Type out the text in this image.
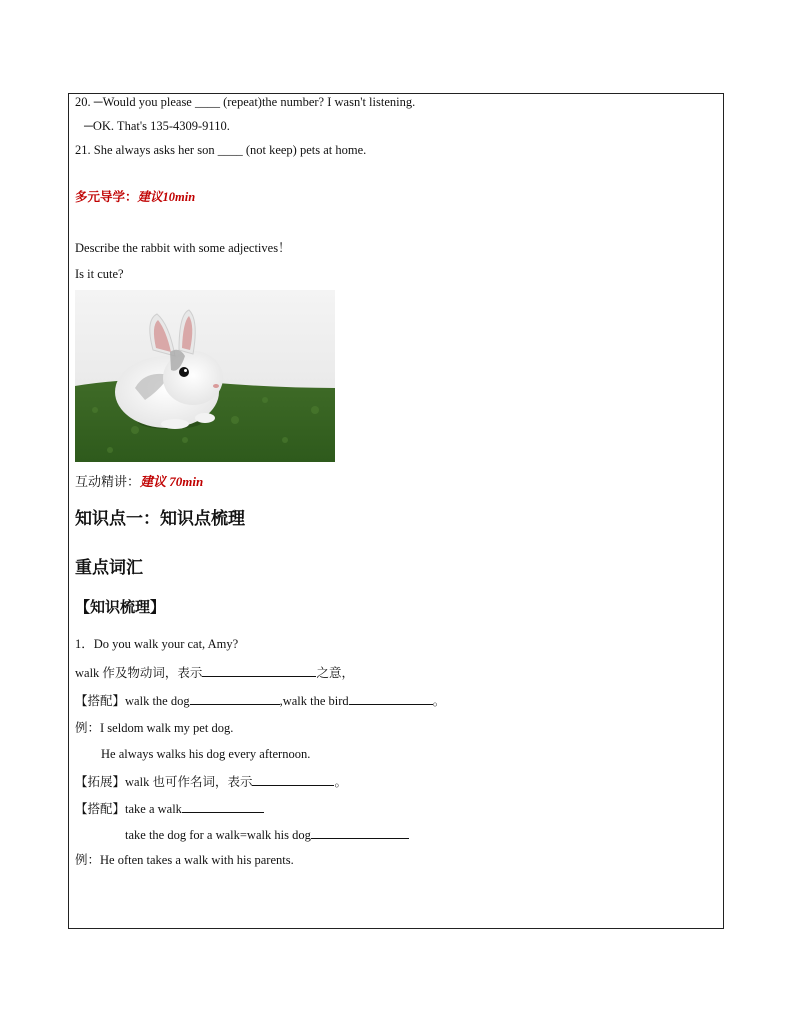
20. ─Would you please ____ (repeat)the number? I wasn't listening.
─OK. That's 135-4309-9110.
21. She always asks her son ____ (not keep) pets at home.
多元导学：建议10min
Describe the rabbit with some adjectives！
Is it cute?
互动精讲：建议 70min
知识点一：知识点梳理
重点词汇
【知识梳理】
1．Do you walk your cat, Amy?
walk 作及物动词，表示	之意，
【搭配】walk the dog	,walk the bird	。
例：I seldom walk my pet dog.
He always walks his dog every afternoon.
【拓展】walk 也可作名词，表示	。
【搭配】take a walk
take the dog for a walk=walk his dog
例：He often takes a walk with his parents.
